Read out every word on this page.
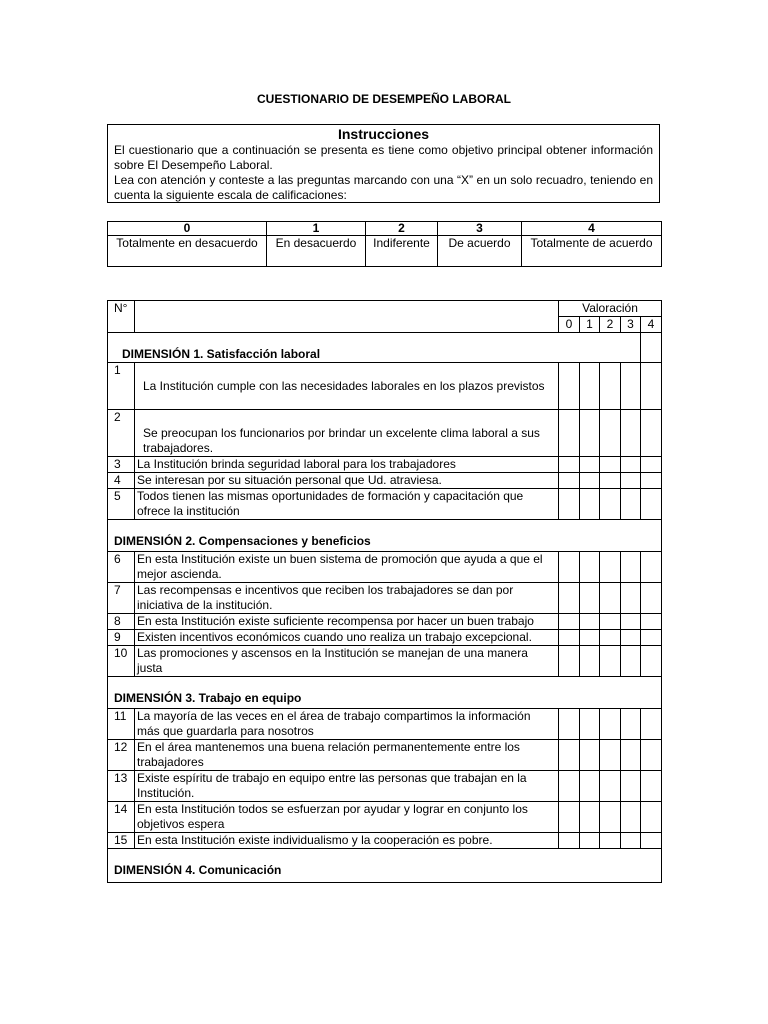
CUESTIONARIO DE DESEMPEÑO LABORAL
Instrucciones
El cuestionario que a continuación se presenta es tiene como objetivo principal obtener información sobre El Desempeño Laboral.
Lea con atención y conteste a las preguntas marcando con una “X” en un solo recuadro, teniendo en cuenta la siguiente escala de calificaciones:
0	1	2	3	4
Totalmente en desacuerdo	En desacuerdo	Indiferente	De acuerdo	Totalmente de acuerdo
N°		Valoración				
		0	1	2	3	4
DIMENSIÓN 1. Satisfacción laboral						
1	La Institución cumple con las necesidades laborales en los plazos previstos					
2	Se preocupan los funcionarios por brindar un excelente clima laboral a sus trabajadores.					
3	La Institución brinda seguridad laboral para los trabajadores					
4	Se interesan por su situación personal que Ud. atraviesa.					
5	Todos tienen las mismas oportunidades de formación y capacitación que ofrece la institución					
DIMENSIÓN 2. Compensaciones y beneficios						
6	En esta Institución existe un buen sistema de promoción que ayuda a que el mejor ascienda.					
7	Las recompensas e incentivos que reciben los trabajadores se dan por iniciativa de la institución.					
8	En esta Institución existe suficiente recompensa por hacer un buen trabajo					
9	Existen incentivos económicos cuando uno realiza un trabajo excepcional.					
10	Las promociones y ascensos en la Institución se manejan de una manera justa					
DIMENSIÓN 3. Trabajo en equipo						
11	La mayoría de las veces en el área de trabajo compartimos la información más que guardarla para nosotros					
12	En el área mantenemos una buena relación permanentemente entre los trabajadores					
13	Existe espíritu de trabajo en equipo entre las personas que trabajan en la Institución.					
14	En esta Institución todos se esfuerzan por ayudar y lograr en conjunto los objetivos espera					
15	En esta Institución existe individualismo y la cooperación es pobre.					
DIMENSIÓN 4. Comunicación						
